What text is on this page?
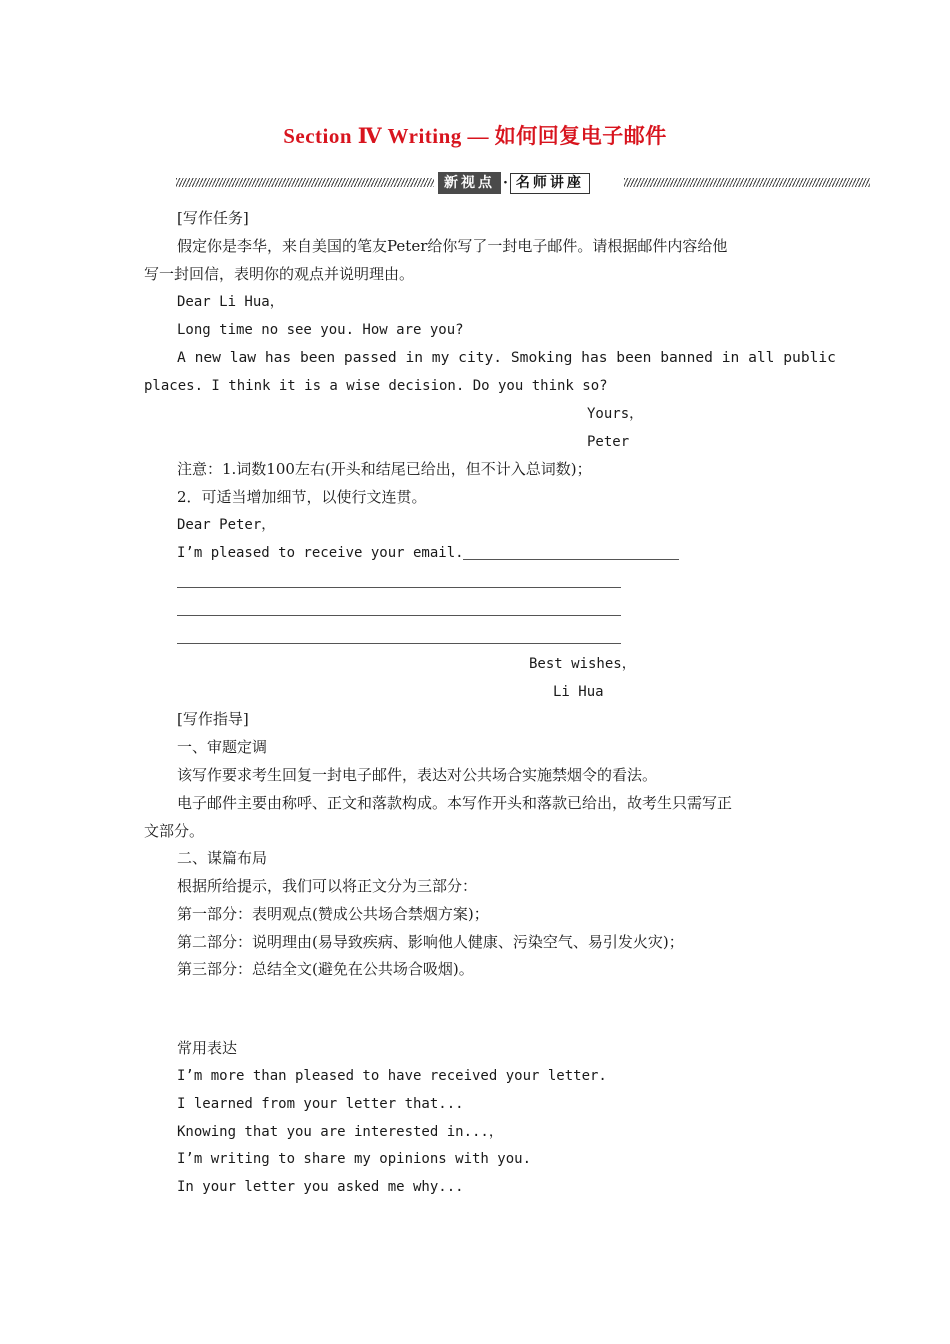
Section Ⅳ Writing — 如何回复电子邮件
新视点 · 名师讲座
[写作任务]
假定你是李华，来自美国的笔友Peter给你写了一封电子邮件。请根据邮件内容给他
写一封回信，表明你的观点并说明理由。
Dear Li Hua，
Long time no see you. How are you?
A new law has been passed in my city. Smoking has been banned in all public
places. I think it is a wise decision. Do you think so?
Yours，
Peter
注意：1.词数100左右(开头和结尾已给出，但不计入总词数)；
2．可适当增加细节，以使行文连贯。
Dear Peter，
I’m pleased to receive your email.
Best wishes，
Li Hua
[写作指导]
一、审题定调
该写作要求考生回复一封电子邮件，表达对公共场合实施禁烟令的看法。
电子邮件主要由称呼、正文和落款构成。本写作开头和落款已给出，故考生只需写正
文部分。
二、谋篇布局
根据所给提示，我们可以将正文分为三部分：
第一部分：表明观点(赞成公共场合禁烟方案)；
第二部分：说明理由(易导致疾病、影响他人健康、污染空气、易引发火灾)；
第三部分：总结全文(避免在公共场合吸烟)。
常用表达
I’m more than pleased to have received your letter.
I learned from your letter that...
Knowing that you are interested in...，
I’m writing to share my opinions with you.
In your letter you asked me why...
